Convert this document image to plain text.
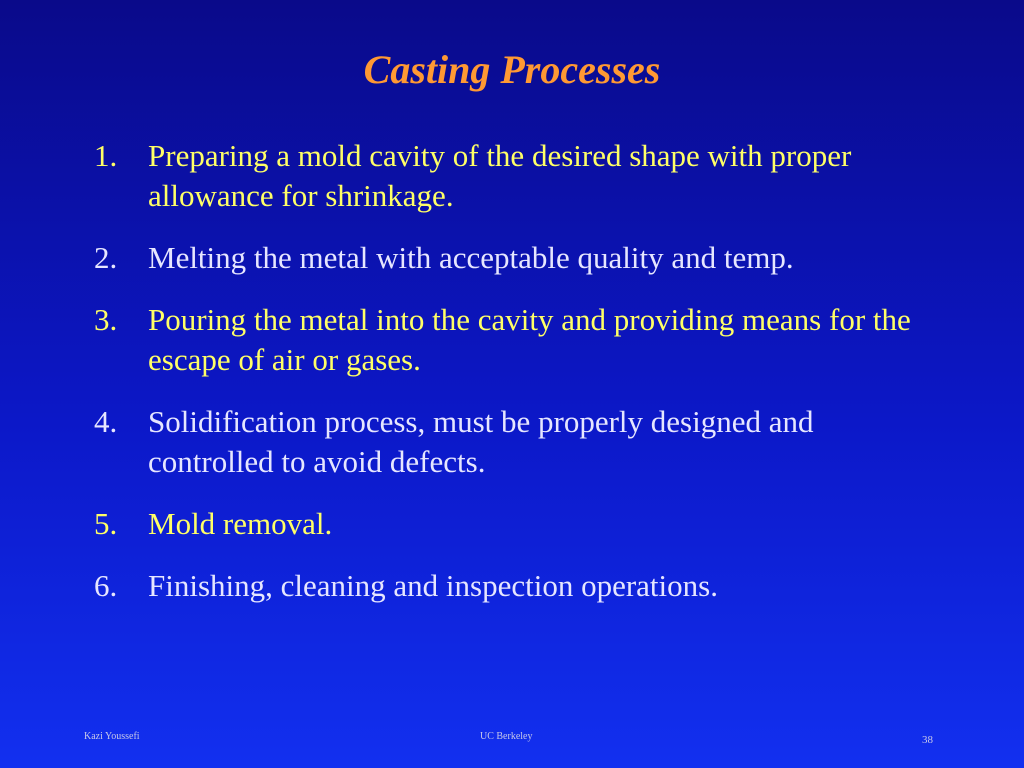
Casting Processes
1. Preparing a mold cavity of the desired shape with proper allowance for shrinkage.
2. Melting the metal with acceptable quality and temp.
3. Pouring the metal into the cavity and providing means for the escape of air or gases.
4. Solidification process, must be properly designed and controlled to avoid defects.
5. Mold removal.
6. Finishing, cleaning and inspection operations.
Kazi Youssefi	UC Berkeley	38
